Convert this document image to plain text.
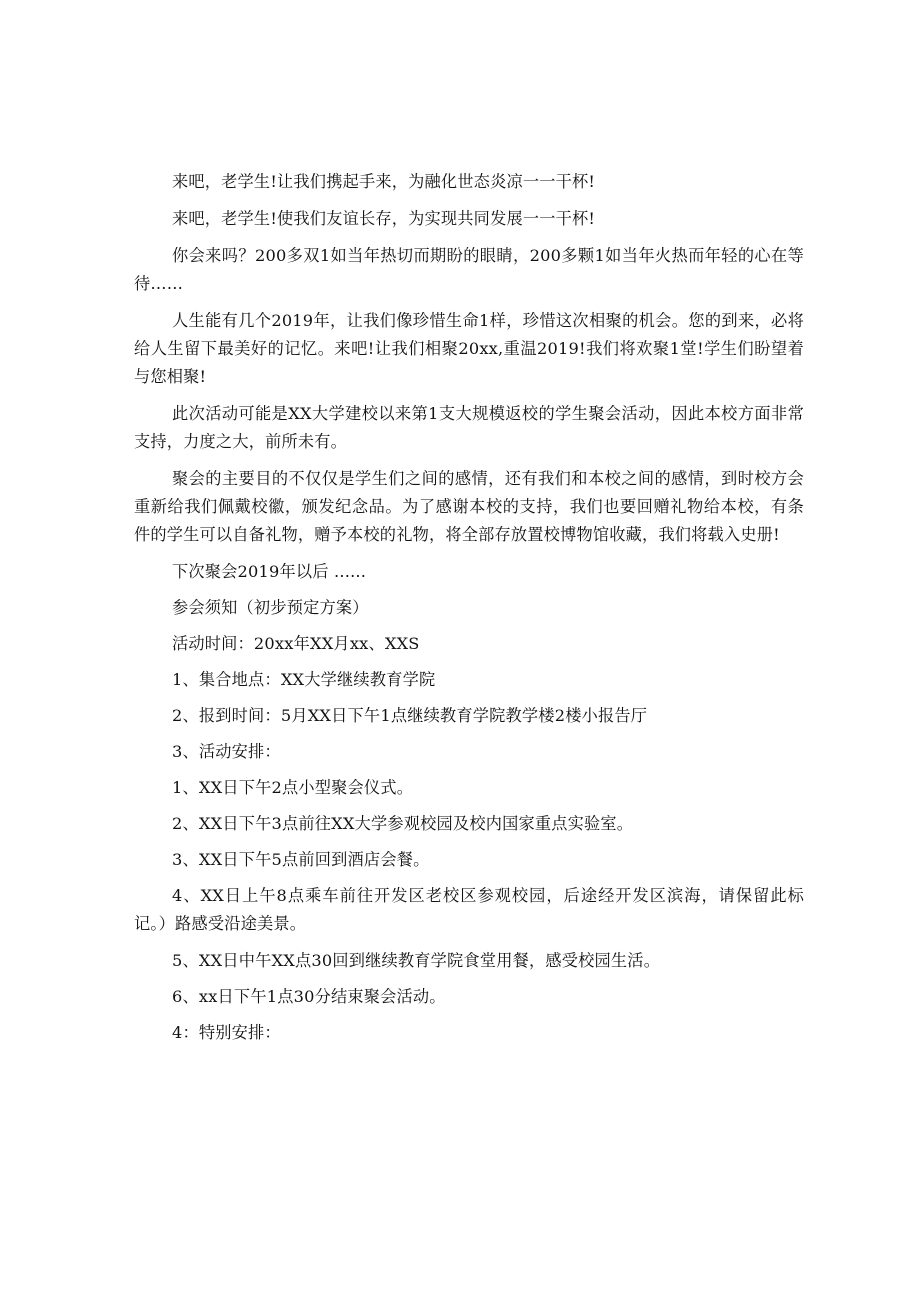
来吧，老学生!让我们携起手来，为融化世态炎凉一一干杯!

来吧，老学生!使我们友谊长存，为实现共同发展一一干杯!

你会来吗？200多双1如当年热切而期盼的眼睛，200多颗1如当年火热而年轻的心在等待……

人生能有几个2019年，让我们像珍惜生命1样，珍惜这次相聚的机会。您的到来，必将给人生留下最美好的记忆。来吧!让我们相聚20xx,重温2019!我们将欢聚1堂!学生们盼望着与您相聚!

此次活动可能是XX大学建校以来第1支大规模返校的学生聚会活动，因此本校方面非常支持，力度之大，前所未有。

聚会的主要目的不仅仅是学生们之间的感情，还有我们和本校之间的感情，到时校方会重新给我们佩戴校徽，颁发纪念品。为了感谢本校的支持，我们也要回赠礼物给本校，有条件的学生可以自备礼物，赠予本校的礼物，将全部存放置校博物馆收藏，我们将载入史册!

下次聚会2019年以后 ......

参会须知（初步预定方案）

活动时间：20xx年XX月xx、XXS

1、集合地点：XX大学继续教育学院

2、报到时间：5月XX日下午1点继续教育学院教学楼2楼小报告厅

3、活动安排：

1、XX日下午2点小型聚会仪式。

2、XX日下午3点前往XX大学参观校园及校内国家重点实验室。

3、XX日下午5点前回到酒店会餐。

4、XX日上午8点乘车前往开发区老校区参观校园，后途经开发区滨海，请保留此标记。）路感受沿途美景。

5、XX日中午XX点30回到继续教育学院食堂用餐，感受校园生活。

6、xx日下午1点30分结束聚会活动。

4：特别安排：
